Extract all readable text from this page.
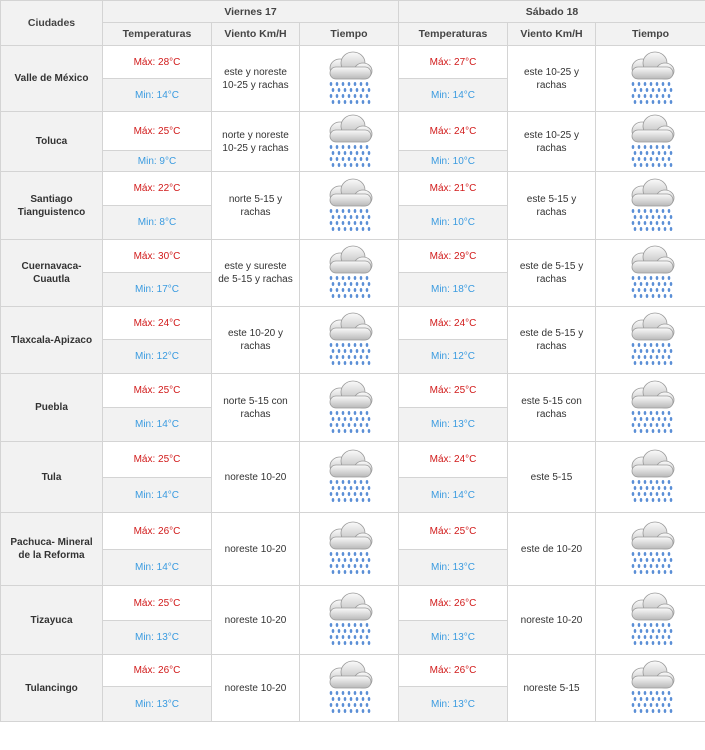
Ciudades	Viernes 17			Sábado 18		
	Temperaturas	Viento Km/H	Tiempo	Temperaturas	Viento Km/H	Tiempo
Valle de México	Máx: 28°C	este y noreste 10-25 y rachas		Máx: 27°C	este 10-25 y rachas	

	Min: 14°C			Min: 14°C		
Toluca	Máx: 25°C	norte y noreste 10-25 y rachas		Máx: 24°C	este 10-25 y rachas	

	Min: 9°C			Min: 10°C		
Santiago Tianguistenco	Máx: 22°C	norte 5-15 y rachas		Máx: 21°C	este 5-15 y rachas	

	Min: 8°C			Min: 10°C		
Cuernavaca-Cuautla	Máx: 30°C	este y sureste de 5-15 y rachas		Máx: 29°C	este de 5-15 y rachas	

	Min: 17°C			Min: 18°C		
Tlaxcala-Apizaco	Máx: 24°C	este 10-20 y rachas		Máx: 24°C	este de 5-15 y rachas	

	Min: 12°C			Min: 12°C		
Puebla	Máx: 25°C	norte 5-15 con rachas		Máx: 25°C	este 5-15 con rachas	

	Min: 14°C			Min: 13°C		
Tula	Máx: 25°C	noreste 10-20		Máx: 24°C	este 5-15	

	Min: 14°C			Min: 14°C		
Pachuca- Mineral de la Reforma	Máx: 26°C	noreste 10-20		Máx: 25°C	este de 10-20	

	Min: 14°C			Min: 13°C		
Tizayuca	Máx: 25°C	noreste 10-20		Máx: 26°C	noreste 10-20	

	Min: 13°C			Min: 13°C		
Tulancingo	Máx: 26°C	noreste 10-20		Máx: 26°C	noreste 5-15	

	Min: 13°C			Min: 13°C		
